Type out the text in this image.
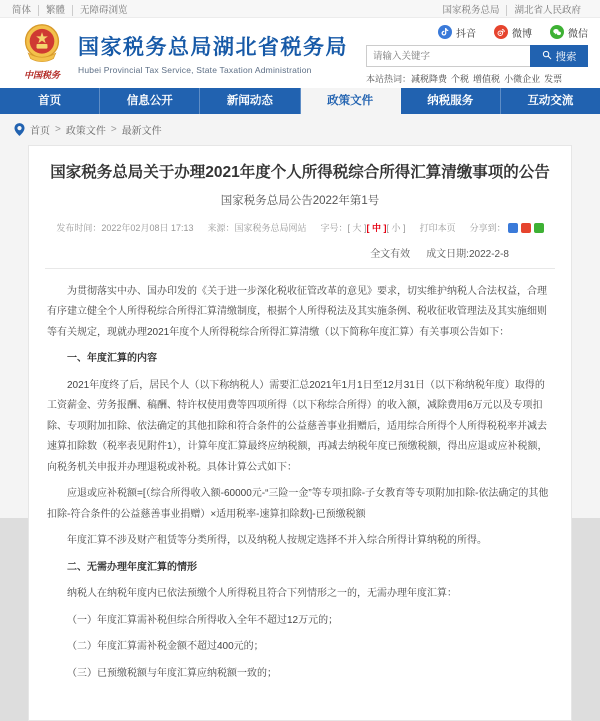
简体 繁體 无障碍浏览	国家税务总局 湖北省人民政府
中国税务
国家税务总局湖北省税务局
Hubei Provincial Tax Service, State Taxation Administration
抖音	微博	微信
请输入关键字
搜索
本站热词：减税降费 个税 增值税 小微企业 发票
首页	信息公开	新闻动态	政策文件	纳税服务	互动交流
首页 > 政策文件 > 最新文件
国家税务总局关于办理2021年度个人所得税综合所得汇算清缴事项的公告
国家税务总局公告2022年第1号
发布时间：2022年02月08日 17:13 来源：国家税务总局网站 字号：[ 大 ][ 中 ][ 小 ] 打印本页 分享到：
全文有效 成文日期:2022-2-8

为贯彻落实中办、国办印发的《关于进一步深化税收征管改革的意见》要求，切实维护纳税人合法权益，合理有序建立健全个人所得税综合所得汇算清缴制度，根据个人所得税法及其实施条例、税收征收管理法及其实施细则等有关规定，现就办理2021年度个人所得税综合所得汇算清缴（以下简称年度汇算）有关事项公告如下：

一、年度汇算的内容

2021年度终了后，居民个人（以下称纳税人）需要汇总2021年1月1日至12月31日（以下称纳税年度）取得的工资薪金、劳务报酬、稿酬、特许权使用费等四项所得（以下称综合所得）的收入额，减除费用6万元以及专项扣除、专项附加扣除、依法确定的其他扣除和符合条件的公益慈善事业捐赠后，适用综合所得个人所得税税率并减去速算扣除数（税率表见附件1），计算年度汇算最终应纳税额，再减去纳税年度已预缴税额，得出应退或应补税额，向税务机关申报并办理退税或补税。具体计算公式如下：

应退或应补税额=[（综合所得收入额-60000元-“三险一金”等专项扣除-子女教育等专项附加扣除-依法确定的其他扣除-符合条件的公益慈善事业捐赠）×适用税率-速算扣除数]-已预缴税额

年度汇算不涉及财产租赁等分类所得，以及纳税人按规定选择不并入综合所得计算纳税的所得。

二、无需办理年度汇算的情形

纳税人在纳税年度内已依法预缴个人所得税且符合下列情形之一的，无需办理年度汇算：

（一）年度汇算需补税但综合所得收入全年不超过12万元的；

（二）年度汇算需补税金额不超过400元的；

（三）已预缴税额与年度汇算应纳税额一致的；
